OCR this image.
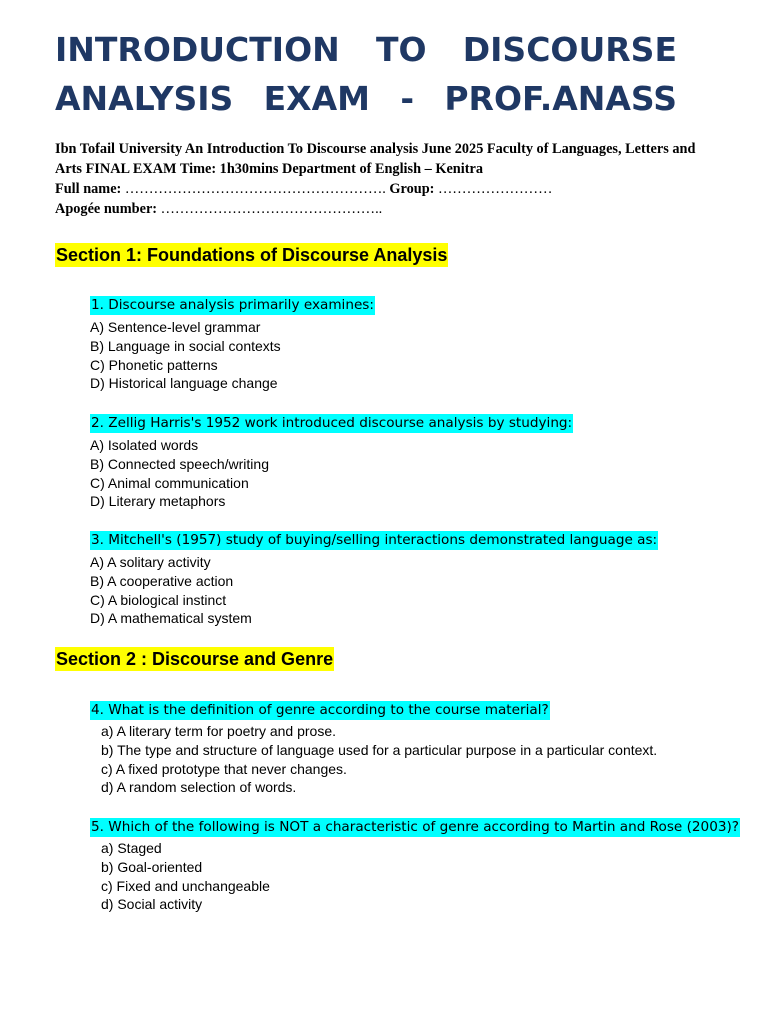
INTRODUCTION TO DISCOURSE
ANALYSIS EXAM - PROF.ANASS
Ibn Tofail University An Introduction To Discourse analysis June 2025 Faculty of Languages, Letters and
Arts FINAL EXAM Time: 1h30mins Department of English – Kenitra
Full name: ………………………………………………. Group: ……………………
Apogée number: ………………………………………..
Section 1: Foundations of Discourse Analysis
1. Discourse analysis primarily examines:
A) Sentence-level grammar
B) Language in social contexts
C) Phonetic patterns
D) Historical language change
2. Zellig Harris's 1952 work introduced discourse analysis by studying:
A) Isolated words
B) Connected speech/writing
C) Animal communication
D) Literary metaphors
3. Mitchell's (1957) study of buying/selling interactions demonstrated language as:
A) A solitary activity
B) A cooperative action
C) A biological instinct
D) A mathematical system
Section 2 : Discourse and Genre
4. What is the definition of genre according to the course material?
a) A literary term for poetry and prose.
b) The type and structure of language used for a particular purpose in a particular context.
c) A fixed prototype that never changes.
d) A random selection of words.
5. Which of the following is NOT a characteristic of genre according to Martin and Rose (2003)?
a) Staged
b) Goal-oriented
c) Fixed and unchangeable
d) Social activity
